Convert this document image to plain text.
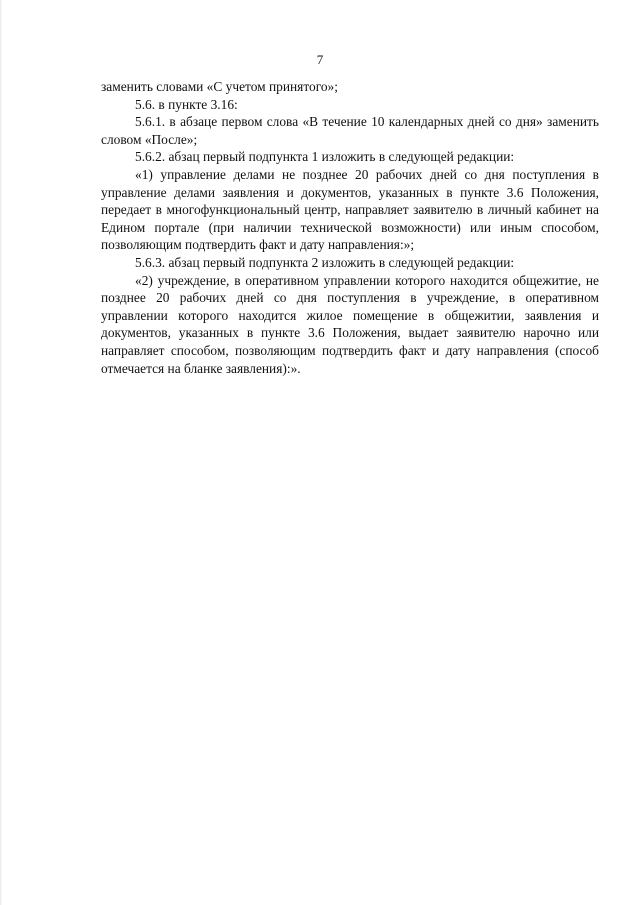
7

заменить словами «С учетом принятого»;

5.6. в пункте 3.16:

5.6.1. в абзаце первом слова «В течение 10 календарных дней со дня» заменить словом «После»;

5.6.2. абзац первый подпункта 1 изложить в следующей редакции:

«1) управление делами не позднее 20 рабочих дней со дня поступления в управление делами заявления и документов, указанных в пункте 3.6 Положения, передает в многофункциональный центр, направляет заявителю в личный кабинет на Едином портале (при наличии технической возможности) или иным способом, позволяющим подтвердить факт и дату направления:»;

5.6.3. абзац первый подпункта 2 изложить в следующей редакции:

«2) учреждение, в оперативном управлении которого находится общежитие, не позднее 20 рабочих дней со дня поступления в учреждение, в оперативном управлении которого находится жилое помещение в общежитии, заявления и документов, указанных в пункте 3.6 Положения, выдает заявителю нарочно или направляет способом, позволяющим подтвердить факт и дату направления (способ отмечается на бланке заявления):».
